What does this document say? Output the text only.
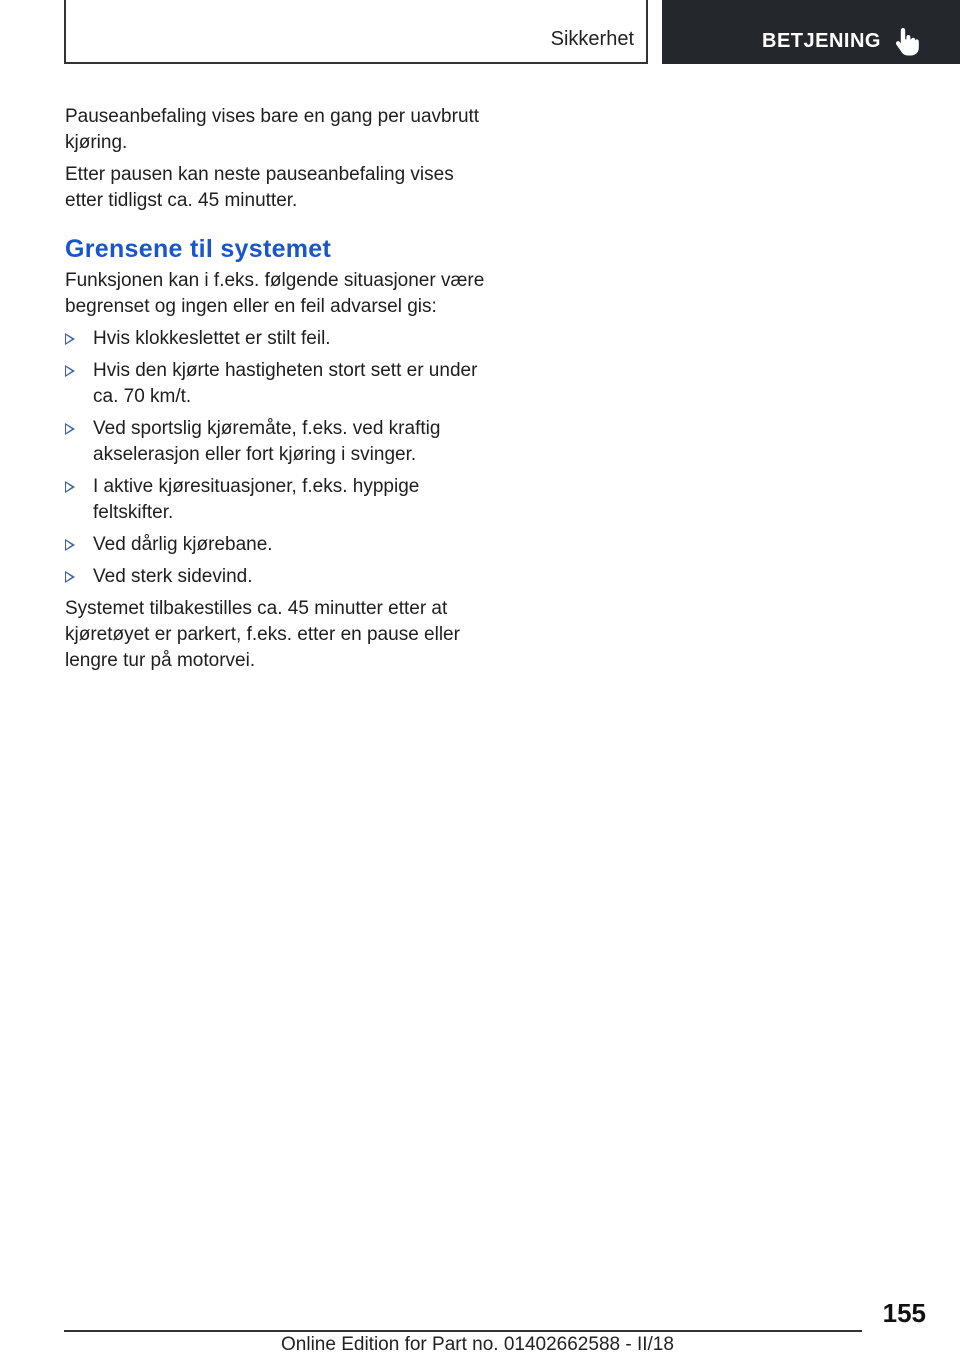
Sikkerhet	BETJENING

Pauseanbefaling vises bare en gang per uavbrutt kjøring.

Etter pausen kan neste pauseanbefaling vises etter tidligst ca. 45 minutter.

Grensene til systemet

Funksjonen kan i f.eks. følgende situasjoner være begrenset og ingen eller en feil advarsel gis:

Hvis klokkeslettet er stilt feil.
Hvis den kjørte hastigheten stort sett er under ca. 70 km/t.
Ved sportslig kjøremåte, f.eks. ved kraftig akselerasjon eller fort kjøring i svinger.
I aktive kjøresituasjoner, f.eks. hyppige feltskifter.
Ved dårlig kjørebane.
Ved sterk sidevind.

Systemet tilbakestilles ca. 45 minutter etter at kjøretøyet er parkert, f.eks. etter en pause eller lengre tur på motorvei.

155
Online Edition for Part no. 01402662588 - II/18
